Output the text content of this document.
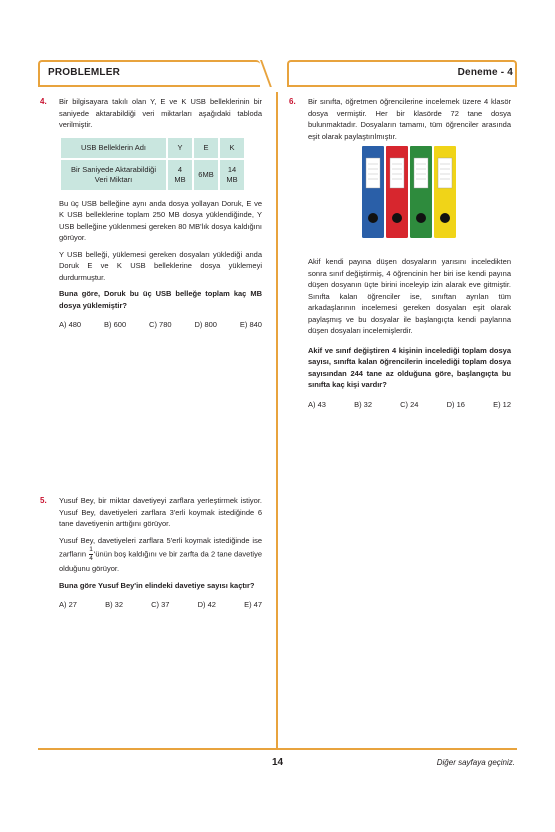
PROBLEMLER	Deneme - 4
4. Bir bilgisayara takılı olan Y, E ve K USB belleklerinin bir saniyede aktarabildiği veri miktarları aşağıdaki tabloda verilmiştir.

USB Belleklerin Adı	Y	E	K
Bir Saniyede Aktarabildiği Veri Miktarı	4 MB	6MB	14 MB

Bu üç USB belleğine aynı anda dosya yollayan Doruk, E ve K USB belleklerine toplam 250 MB dosya yüklendiğinde, Y USB belleğine yüklenmesi gereken 80 MB'lık dosya kaldığını görüyor.

Y USB belleği, yüklemesi gereken dosyaları yüklediği anda Doruk E ve K USB belleklerine dosya yüklemeyi durdurmuştur.

Buna göre, Doruk bu üç USB belleğe toplam kaç MB dosya yüklemiştir?

A) 480	B) 600	C) 780	D) 800	E) 840
5. Yusuf Bey, bir miktar davetiyeyi zarflara yerleştirmek istiyor. Yusuf Bey, davetiyeleri zarflara 3'erli koymak istediğinde 6 tane davetiyenin arttığını görüyor.

Yusuf Bey, davetiyeleri zarflara 5'erli koymak istediğinde ise zarfların $\frac{1}{4}$ 'ünün boş kaldığını ve bir zarfta da 2 tane davetiye olduğunu görüyor.

Buna göre Yusuf Bey'in elindeki davetiye sayısı kaçtır?

A) 27	B) 32	C) 37	D) 42	E) 47
6. Bir sınıfta, öğretmen öğrencilerine incelemek üzere 4 klasör dosya vermiştir. Her bir klasörde 72 tane dosya bulunmaktadır. Dosyaların tamamı, tüm öğrenciler arasında eşit olarak paylaştırılmıştır.

Akif kendi payına düşen dosyaların yarısını inceledikten sonra sınıf değiştirmiş, 4 öğrencinin her biri ise kendi payına düşen dosyanın üçte birini inceleyip izin alarak eve gitmiştir. Sınıfta kalan öğrenciler ise, sınıftan ayrılan tüm arkadaşlarının incelemesi gereken dosyaları eşit olarak paylaşmış ve bu dosyalar ile başlangıçta kendi paylarına düşen dosyaları incelemişlerdir.

Akif ve sınıf değiştiren 4 kişinin incelediği toplam dosya sayısı, sınıfta kalan öğrencilerin incelediği toplam dosya sayısından 244 tane az olduğuna göre, başlangıçta bu sınıfta kaç kişi vardır?

A) 43	B) 32	C) 24	D) 16	E) 12
14	Diğer sayfaya geçiniz.
